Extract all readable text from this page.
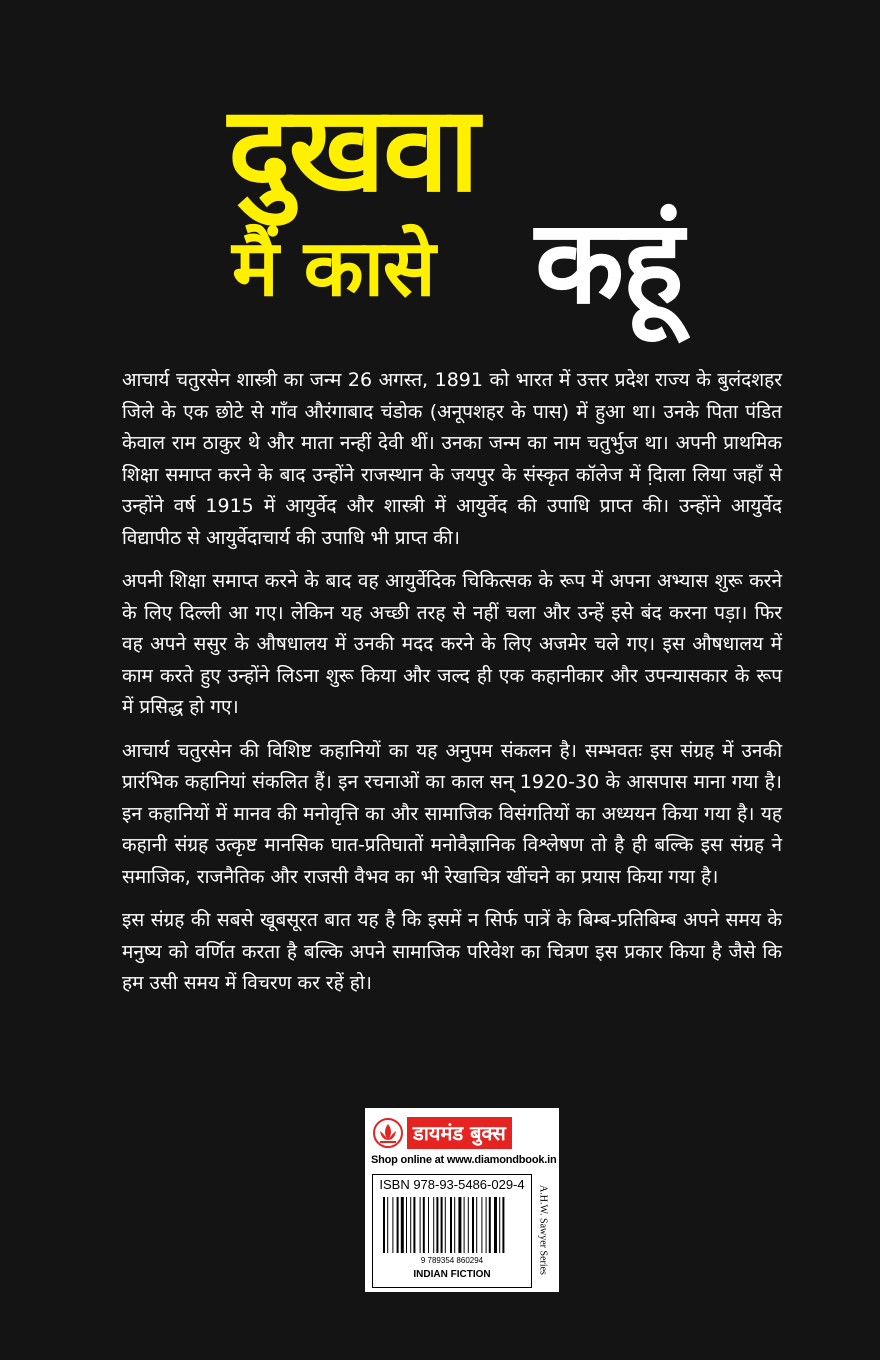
दुखवा
मैं कासे कहूं

आचार्य चतुरसेन शास्त्री का जन्म 26 अगस्त, 1891 को भारत में उत्तर प्रदेश राज्य के बुलंदशहर जिले के एक छोटे से गाँव औरंगाबाद चंडोक (अनूपशहर के पास) में हुआ था। उनके पिता पंडित केवाल राम ठाकुर थे और माता नन्हीं देवी थीं। उनका जन्म का नाम चतुर्भुज था। अपनी प्राथमिक शिक्षा समाप्त करने के बाद उन्होंने राजस्थान के जयपुर के संस्कृत कॉलेज में दाि़ला लिया जहाँ से उन्होंने वर्ष 1915 में आयुर्वेद और शास्त्री में आयुर्वेद की उपाधि प्राप्त की। उन्होंने आयुर्वेद विद्यापीठ से आयुर्वेदाचार्य की उपाधि भी प्राप्त की।

अपनी शिक्षा समाप्त करने के बाद वह आयुर्वेदिक चिकित्सक के रूप में अपना अभ्यास शुरू करने के लिए दिल्ली आ गए। लेकिन यह अच्छी तरह से नहीं चला और उन्हें इसे बंद करना पड़ा। फिर वह अपने ससुर के औषधालय में उनकी मदद करने के लिए अजमेर चले गए। इस औषधालय में काम करते हुए उन्होंने लिऽना शुरू किया और जल्द ही एक कहानीकार और उपन्यासकार के रूप में प्रसिद्ध हो गए।

आचार्य चतुरसेन की विशिष्ट कहानियों का यह अनुपम संकलन है। सम्भवतः इस संग्रह में उनकी प्रारंभिक कहानियां संकलित हैं। इन रचनाओं का काल सन् 1920-30 के आसपास माना गया है। इन कहानियों में मानव की मनोवृत्ति का और सामाजिक विसंगतियों का अध्ययन किया गया है। यह कहानी संग्रह उत्कृष्ट मानसिक घात-प्रतिघातों मनोवैज्ञानिक विश्लेषण तो है ही बल्कि इस संग्रह ने समाजिक, राजनैतिक और राजसी वैभव का भी रेखाचित्र खींचने का प्रयास किया गया है।

इस संग्रह की सबसे खूबसूरत बात यह है कि इसमें न सिर्फ पात्रें के बिम्ब-प्रतिबिम्ब अपने समय के मनुष्य को वर्णित करता है बल्कि अपने सामाजिक परिवेश का चित्रण इस प्रकार किया है जैसे कि हम उसी समय में विचरण कर रहें हो।

डायमंड बुक्स
Shop online at www.diamondbook.in
ISBN 978-93-5486-029-4
9 789354 860294
INDIAN FICTION	A.H.W. Sawyer Series
